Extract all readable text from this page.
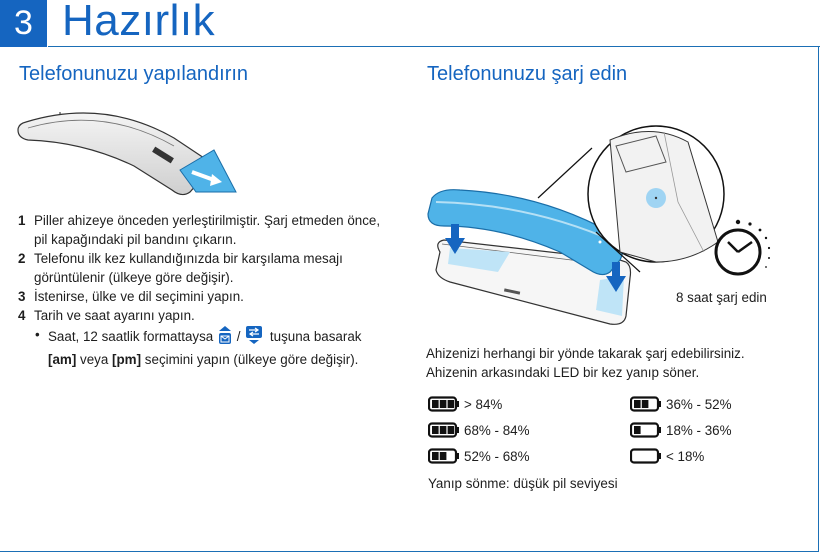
3 Hazırlık
Telefonunuzu yapılandırın
1 Piller ahizeye önceden yerleştirilmiştir. Şarj etmeden önce, pil kapağındaki pil bandını çıkarın.
2 Telefonu ilk kez kullandığınızda bir karşılama mesajı görüntülenir (ülkeye göre değişir).
3 İstenirse, ülke ve dil seçimini yapın.
4 Tarih ve saat ayarını yapın.
• Saat, 12 saatlik formattaysa / tuşuna basarak [am] veya [pm] seçimini yapın (ülkeye göre değişir).
Telefonunuzu şarj edin
8 saat şarj edin
Ahizenizi herhangi bir yönde takarak şarj edebilirsiniz.
Ahizenin arkasındaki LED bir kez yanıp söner.
> 84%
68% - 84%
52% - 68%
36% - 52%
18% - 36%
< 18%
Yanıp sönme: düşük pil seviyesi
